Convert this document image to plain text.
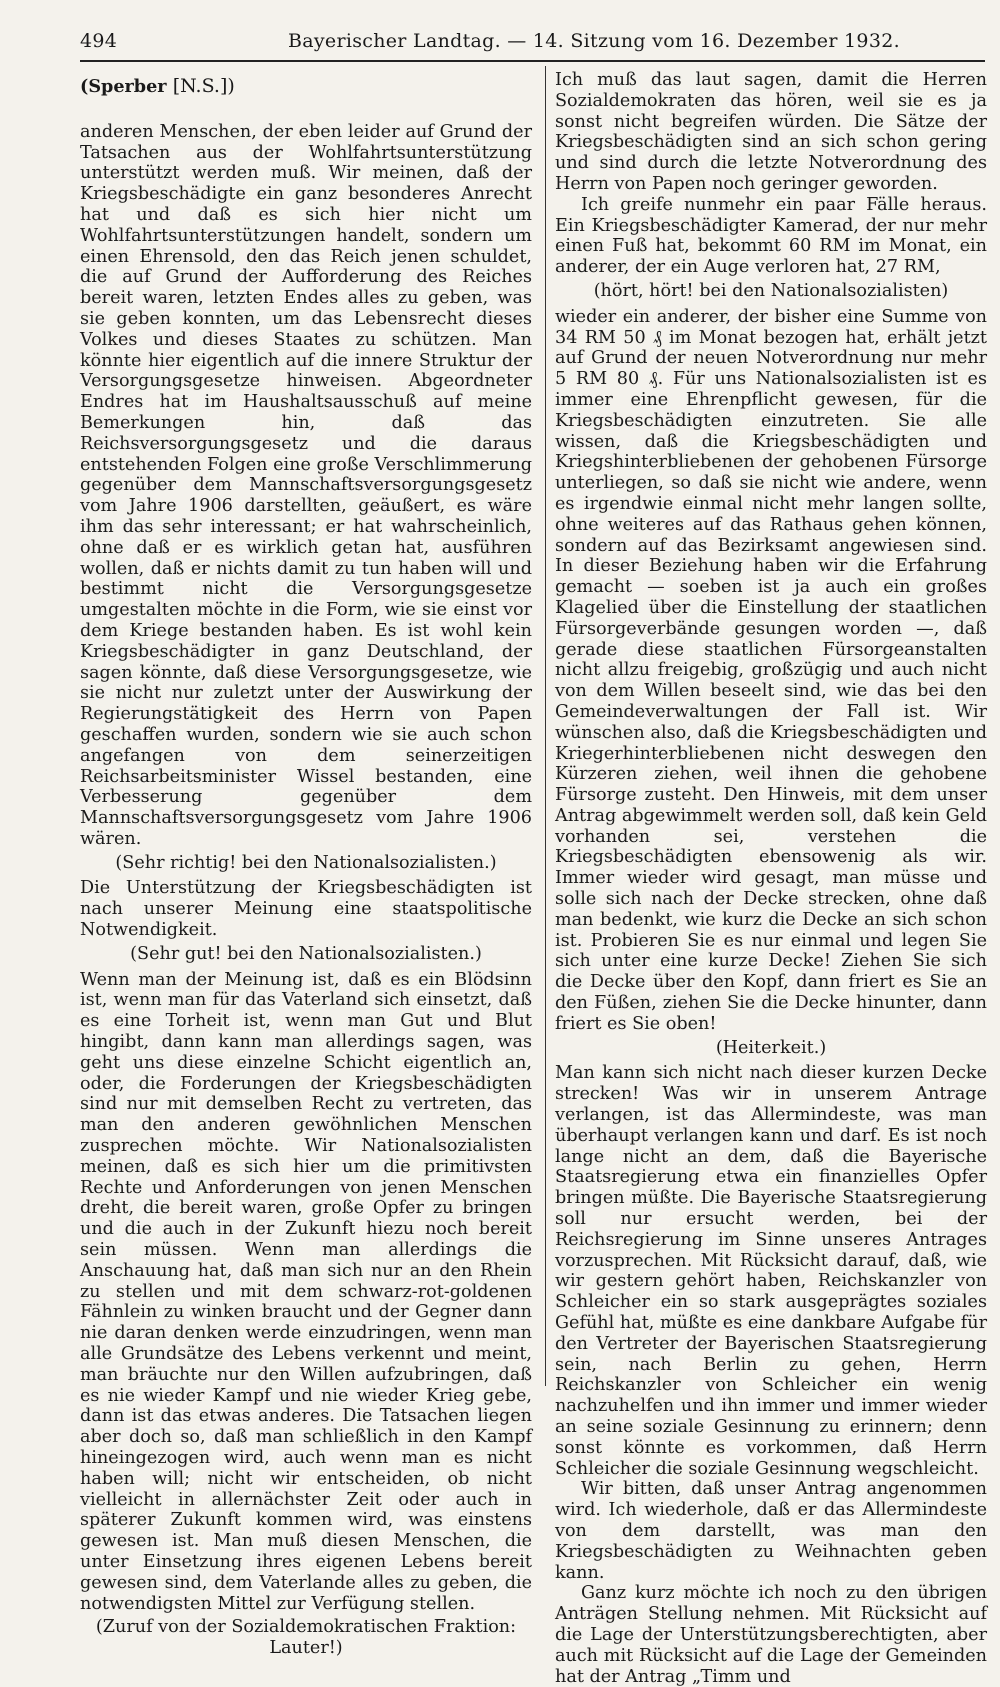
494	Bayerischer Landtag. — 14. Sitzung vom 16. Dezember 1932.

(Sperber [N.S.])

anderen Menschen, der eben leider auf Grund der Tatsachen aus der Wohlfahrtsunterstützung unterstützt werden muß. Wir meinen, daß der Kriegsbeschädigte ein ganz besonderes Anrecht hat und daß es sich hier nicht um Wohlfahrtsunterstützungen handelt, sondern um einen Ehrensold, den das Reich jenen schuldet, die auf Grund der Aufforderung des Reiches bereit waren, letzten Endes alles zu geben, was sie geben konnten, um das Lebensrecht dieses Volkes und dieses Staates zu schützen. Man könnte hier eigentlich auf die innere Struktur der Versorgungsgesetze hinweisen. Abgeordneter Endres hat im Haushaltsausschuß auf meine Bemerkungen hin, daß das Reichsversorgungsgesetz und die daraus entstehenden Folgen eine große Verschlimmerung gegenüber dem Mannschaftsversorgungsgesetz vom Jahre 1906 darstellten, geäußert, es wäre ihm das sehr interessant; er hat wahrscheinlich, ohne daß er es wirklich getan hat, ausführen wollen, daß er nichts damit zu tun haben will und bestimmt nicht die Versorgungsgesetze umgestalten möchte in die Form, wie sie einst vor dem Kriege bestanden haben. Es ist wohl kein Kriegsbeschädigter in ganz Deutschland, der sagen könnte, daß diese Versorgungsgesetze, wie sie nicht nur zuletzt unter der Auswirkung der Regierungstätigkeit des Herrn von Papen geschaffen wurden, sondern wie sie auch schon angefangen von dem seinerzeitigen Reichsarbeitsminister Wissel bestanden, eine Verbesserung gegenüber dem Mannschaftsversorgungsgesetz vom Jahre 1906 wären.

(Sehr richtig! bei den Nationalsozialisten.)

Die Unterstützung der Kriegsbeschädigten ist nach unserer Meinung eine staatspolitische Notwendigkeit.

(Sehr gut! bei den Nationalsozialisten.)

Wenn man der Meinung ist, daß es ein Blödsinn ist, wenn man für das Vaterland sich einsetzt, daß es eine Torheit ist, wenn man Gut und Blut hingibt, dann kann man allerdings sagen, was geht uns diese einzelne Schicht eigentlich an, oder, die Forderungen der Kriegsbeschädigten sind nur mit demselben Recht zu vertreten, das man den anderen gewöhnlichen Menschen zusprechen möchte. Wir Nationalsozialisten meinen, daß es sich hier um die primitivsten Rechte und Anforderungen von jenen Menschen dreht, die bereit waren, große Opfer zu bringen und die auch in der Zukunft hiezu noch bereit sein müssen. Wenn man allerdings die Anschauung hat, daß man sich nur an den Rhein zu stellen und mit dem schwarz-rot-goldenen Fähnlein zu winken braucht und der Gegner dann nie daran denken werde einzudringen, wenn man alle Grundsätze des Lebens verkennt und meint, man bräuchte nur den Willen aufzubringen, daß es nie wieder Kampf und nie wieder Krieg gebe, dann ist das etwas anderes. Die Tatsachen liegen aber doch so, daß man schließlich in den Kampf hineingezogen wird, auch wenn man es nicht haben will; nicht wir entscheiden, ob nicht vielleicht in allernächster Zeit oder auch in späterer Zukunft kommen wird, was einstens gewesen ist. Man muß diesen Menschen, die unter Einsetzung ihres eigenen Lebens bereit gewesen sind, dem Vaterlande alles zu geben, die notwendigsten Mittel zur Verfügung stellen.

(Zuruf von der Sozialdemokratischen Fraktion: Lauter!)

Ich muß das laut sagen, damit die Herren Sozialdemokraten das hören, weil sie es ja sonst nicht begreifen würden. Die Sätze der Kriegsbeschädigten sind an sich schon gering und sind durch die letzte Notverordnung des Herrn von Papen noch geringer geworden.

Ich greife nunmehr ein paar Fälle heraus. Ein Kriegsbeschädigter Kamerad, der nur mehr einen Fuß hat, bekommt 60 RM im Monat, ein anderer, der ein Auge verloren hat, 27 RM,

(hört, hört! bei den Nationalsozialisten)

wieder ein anderer, der bisher eine Summe von 34 RM 50 ₰ im Monat bezogen hat, erhält jetzt auf Grund der neuen Notverordnung nur mehr 5 RM 80 ₰. Für uns Nationalsozialisten ist es immer eine Ehrenpflicht gewesen, für die Kriegsbeschädigten einzutreten. Sie alle wissen, daß die Kriegsbeschädigten und Kriegshinterbliebenen der gehobenen Fürsorge unterliegen, so daß sie nicht wie andere, wenn es irgendwie einmal nicht mehr langen sollte, ohne weiteres auf das Rathaus gehen können, sondern auf das Bezirksamt angewiesen sind. In dieser Beziehung haben wir die Erfahrung gemacht — soeben ist ja auch ein großes Klagelied über die Einstellung der staatlichen Fürsorgeverbände gesungen worden —, daß gerade diese staatlichen Fürsorgeanstalten nicht allzu freigebig, großzügig und auch nicht von dem Willen beseelt sind, wie das bei den Gemeindeverwaltungen der Fall ist. Wir wünschen also, daß die Kriegsbeschädigten und Kriegerhinterbliebenen nicht deswegen den Kürzeren ziehen, weil ihnen die gehobene Fürsorge zusteht. Den Hinweis, mit dem unser Antrag abgewimmelt werden soll, daß kein Geld vorhanden sei, verstehen die Kriegsbeschädigten ebensowenig als wir. Immer wieder wird gesagt, man müsse und solle sich nach der Decke strecken, ohne daß man bedenkt, wie kurz die Decke an sich schon ist. Probieren Sie es nur einmal und legen Sie sich unter eine kurze Decke! Ziehen Sie sich die Decke über den Kopf, dann friert es Sie an den Füßen, ziehen Sie die Decke hinunter, dann friert es Sie oben!

(Heiterkeit.)

Man kann sich nicht nach dieser kurzen Decke strecken! Was wir in unserem Antrage verlangen, ist das Allermindeste, was man überhaupt verlangen kann und darf. Es ist noch lange nicht an dem, daß die Bayerische Staatsregierung etwa ein finanzielles Opfer bringen müßte. Die Bayerische Staatsregierung soll nur ersucht werden, bei der Reichsregierung im Sinne unseres Antrages vorzusprechen. Mit Rücksicht darauf, daß, wie wir gestern gehört haben, Reichskanzler von Schleicher ein so stark ausgeprägtes soziales Gefühl hat, müßte es eine dankbare Aufgabe für den Vertreter der Bayerischen Staatsregierung sein, nach Berlin zu gehen, Herrn Reichskanzler von Schleicher ein wenig nachzuhelfen und ihn immer und immer wieder an seine soziale Gesinnung zu erinnern; denn sonst könnte es vorkommen, daß Herrn Schleicher die soziale Gesinnung wegschleicht.

Wir bitten, daß unser Antrag angenommen wird. Ich wiederhole, daß er das Allermindeste von dem darstellt, was man den Kriegsbeschädigten zu Weihnachten geben kann.

Ganz kurz möchte ich noch zu den übrigen Anträgen Stellung nehmen. Mit Rücksicht auf die Lage der Unterstützungsberechtigten, aber auch mit Rücksicht auf die Lage der Gemeinden hat der Antrag „Timm und
